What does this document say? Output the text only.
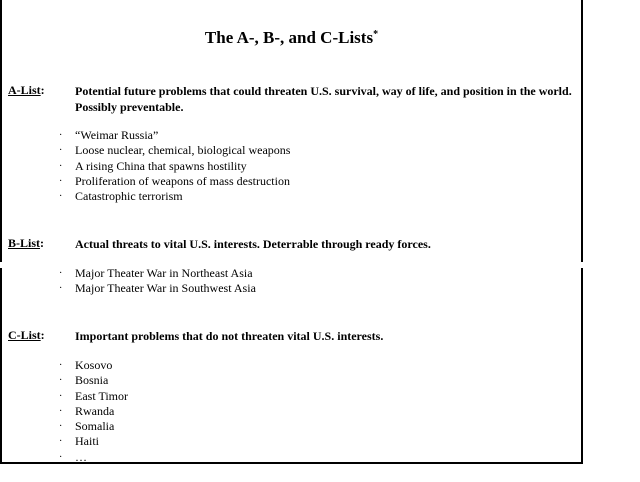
The A-, B-, and C-Lists*
A-List:	Potential future problems that could threaten U.S. survival, way of life, and position in the world. Possibly preventable.
· “Weimar Russia”
· Loose nuclear, chemical, biological weapons
· A rising China that spawns hostility
· Proliferation of weapons of mass destruction
· Catastrophic terrorism
B-List:	Actual threats to vital U.S. interests. Deterrable through ready forces.
· Major Theater War in Northeast Asia
· Major Theater War in Southwest Asia
C-List:	Important problems that do not threaten vital U.S. interests.
· Kosovo
· Bosnia
· East Timor
· Rwanda
· Somalia
· Haiti
· …
